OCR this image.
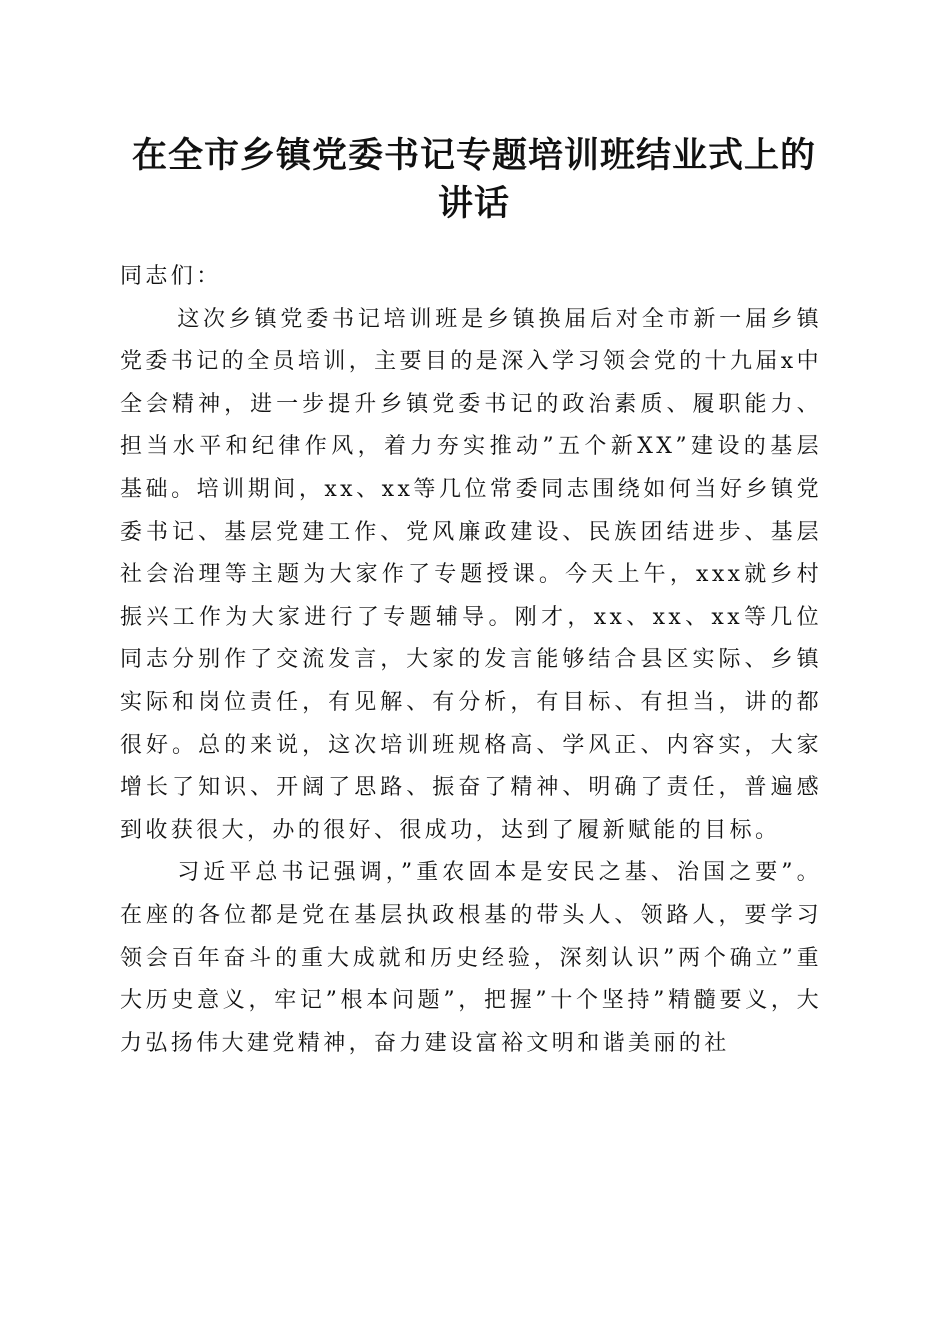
在全市乡镇党委书记专题培训班结业式上的讲话

同志们：

这次乡镇党委书记培训班是乡镇换届后对全市新一届乡镇党委书记的全员培训，主要目的是深入学习领会党的十九届x中全会精神，进一步提升乡镇党委书记的政治素质、履职能力、担当水平和纪律作风，着力夯实推动”五个新XX”建设的基层基础。培训期间，xx、xx等几位常委同志围绕如何当好乡镇党委书记、基层党建工作、党风廉政建设、民族团结进步、基层社会治理等主题为大家作了专题授课。今天上午，xxx就乡村振兴工作为大家进行了专题辅导。刚才，xx、xx、xx等几位同志分别作了交流发言，大家的发言能够结合县区实际、乡镇实际和岗位责任，有见解、有分析，有目标、有担当，讲的都很好。总的来说，这次培训班规格高、学风正、内容实，大家增长了知识、开阔了思路、振奋了精神、明确了责任，普遍感到收获很大，办的很好、很成功，达到了履新赋能的目标。

习近平总书记强调，”重农固本是安民之基、治国之要”。在座的各位都是党在基层执政根基的带头人、领路人，要学习领会百年奋斗的重大成就和历史经验，深刻认识”两个确立”重大历史意义，牢记”根本问题”，把握”十个坚持”精髓要义，大力弘扬伟大建党精神，奋力建设富裕文明和谐美丽的社
